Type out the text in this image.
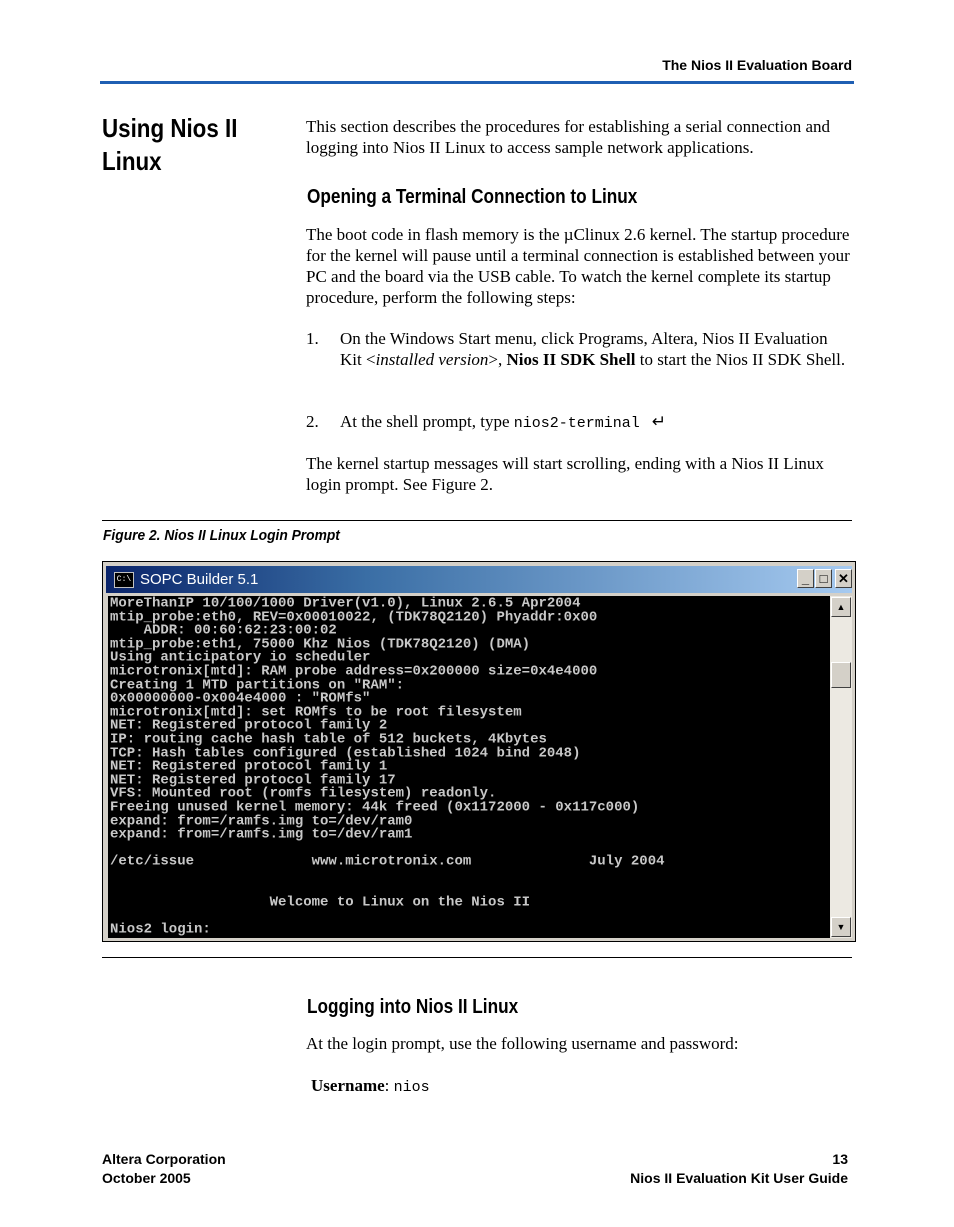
The Nios II Evaluation Board
Using Nios II
Linux
This section describes the procedures for establishing a serial connection and logging into Nios II Linux to access sample network applications.
Opening a Terminal Connection to Linux
The boot code in flash memory is the µClinux 2.6 kernel. The startup procedure for the kernel will pause until a terminal connection is established between your PC and the board via the USB cable. To watch the kernel complete its startup procedure, perform the following steps:
1. On the Windows Start menu, click Programs, Altera, Nios II Evaluation Kit <installed version>, Nios II SDK Shell to start the Nios II SDK Shell.
2. At the shell prompt, type nios2-terminal ↵
The kernel startup messages will start scrolling, ending with a Nios II Linux login prompt. See Figure 2.
Figure 2. Nios II Linux Login Prompt
C:\ SOPC Builder 5.1	_ □ ✕
MoreThanIP 10/100/1000 Driver(v1.0), Linux 2.6.5 Apr2004
mtip_probe:eth0, REV=0x00010022, (TDK78Q2120) Phyaddr:0x00
ADDR: 00:60:62:23:00:02
mtip_probe:eth1, 75000 Khz Nios (TDK78Q2120) (DMA)
Using anticipatory io scheduler
microtronix[mtd]: RAM probe address=0x200000 size=0x4e4000
Creating 1 MTD partitions on "RAM":
0x00000000-0x004e4000 : "ROMfs"
microtronix[mtd]: set ROMfs to be root filesystem
NET: Registered protocol family 2
IP: routing cache hash table of 512 buckets, 4Kbytes
TCP: Hash tables configured (established 1024 bind 2048)
NET: Registered protocol family 1
NET: Registered protocol family 17
VFS: Mounted root (romfs filesystem) readonly.
Freeing unused kernel memory: 44k freed (0x1172000 - 0x117c000)
expand: from=/ramfs.img to=/dev/ram0
expand: from=/ramfs.img to=/dev/ram1
/etc/issue              www.microtronix.com              July 2004
Welcome to Linux on the Nios II
Nios2 login:
▲
▼
Logging into Nios II Linux
At the login prompt, use the following username and password:
Username: nios
Altera Corporation
October 2005
13
Nios II Evaluation Kit User Guide
